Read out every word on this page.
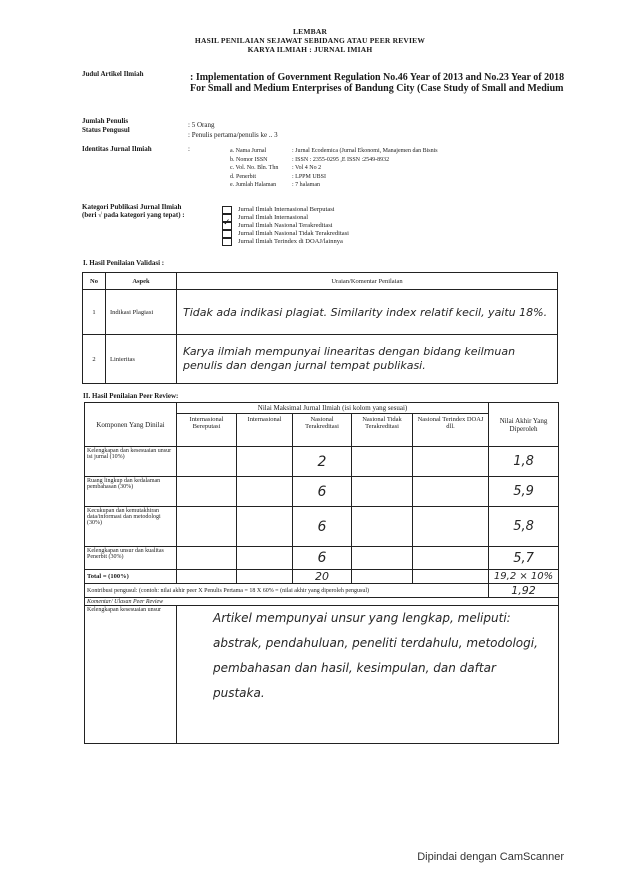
LEMBAR
HASIL PENILAIAN SEJAWAT SEBIDANG ATAU PEER REVIEW
KARYA ILMIAH : JURNAL IMIAH
Judul Artikel Ilmiah	: Implementation of Government Regulation No.46 Year of 2013 and No.23 Year of 2018 For Small and Medium Enterprises of Bandung City (Case Study of Small and Medium
Jumlah Penulis	: 5 Orang
Status Pengusul
: Penulis pertama/penulis ke .. 3
Identitas Jurnal Ilmiah	:	a. Nama Jurnal	: Jurnal Ecodemica (Jurnal Ekonomi, Manajemen dan Bisnis
b. Nomor ISSN	: ISSN : 2355-0295 ,E ISSN :2549-8932
c. Vol. No. Bln. Thn	: Vol 4 No 2
d. Penerbit	: LPPM UBSI
e. Jumlah Halaman	: 7 halaman
Kategori Publikasi Jurnal Ilmiah
(beri √ pada kategori yang tepat) :
Jurnal Ilmiah Internasional Berputasi
Jurnal Ilmiah Internasional
✓
Jurnal Ilmiah Nasional Terakreditasi
Jurnal Ilmiah Nasional Tidak Terakreditasi
Jurnal Ilmiah Terindex di DOAJ/lainnya
I. Hasil Penilaian Validasi :
No	Aspek	Uraian/Komentar Penilaian
1	Indikasi Plagiasi	Tidak ada indikasi plagiat. Similarity index relatif kecil, yaitu 18%.
2	Linieritas	Karya ilmiah mempunyai linearitas dengan bidang keilmuan penulis dan dengan jurnal tempat publikasi.
II. Hasil Penilaian Peer Review:
Komponen Yang Dinilai	Nilai Maksimal Jurnal Ilmiah (isi kolom yang sesuai)					Nilai Akhir Yang Diperoleh
	Internasional Bereputasi	Internasional	Nasional Terakreditasi	Nasional Tidak Terakreditasi	Nasional Terindex DOAJ dll.	
Kelengkapan dan kesesuaian unsur isi jurnal (10%)			2			1,8
Ruang lingkup dan kedalaman pembahasan (30%)			6			5,9
Kecukupan dan kemutakhiran data/informasi dan metodologi (30%)			6			5,8
Kelengkapan unsur dan kualitas Penerbit (30%)			6			5,7
Total = (100%)			20			19,2 × 10%
Kontribusi pengusul: (contoh: nilai akhir peer X Penulis Pertama = 18 X 60% = (nilai akhir yang diperoleh pengusul)						1,92
Komentar/ Ulasan Peer Review						
Kelengkapan kesesuaian unsur	Artikel mempunyai unsur yang lengkap, meliputi: abstrak, pendahuluan, peneliti terdahulu, metodologi, pembahasan dan hasil, kesimpulan, dan daftar pustaka.					
Dipindai dengan CamScanner
